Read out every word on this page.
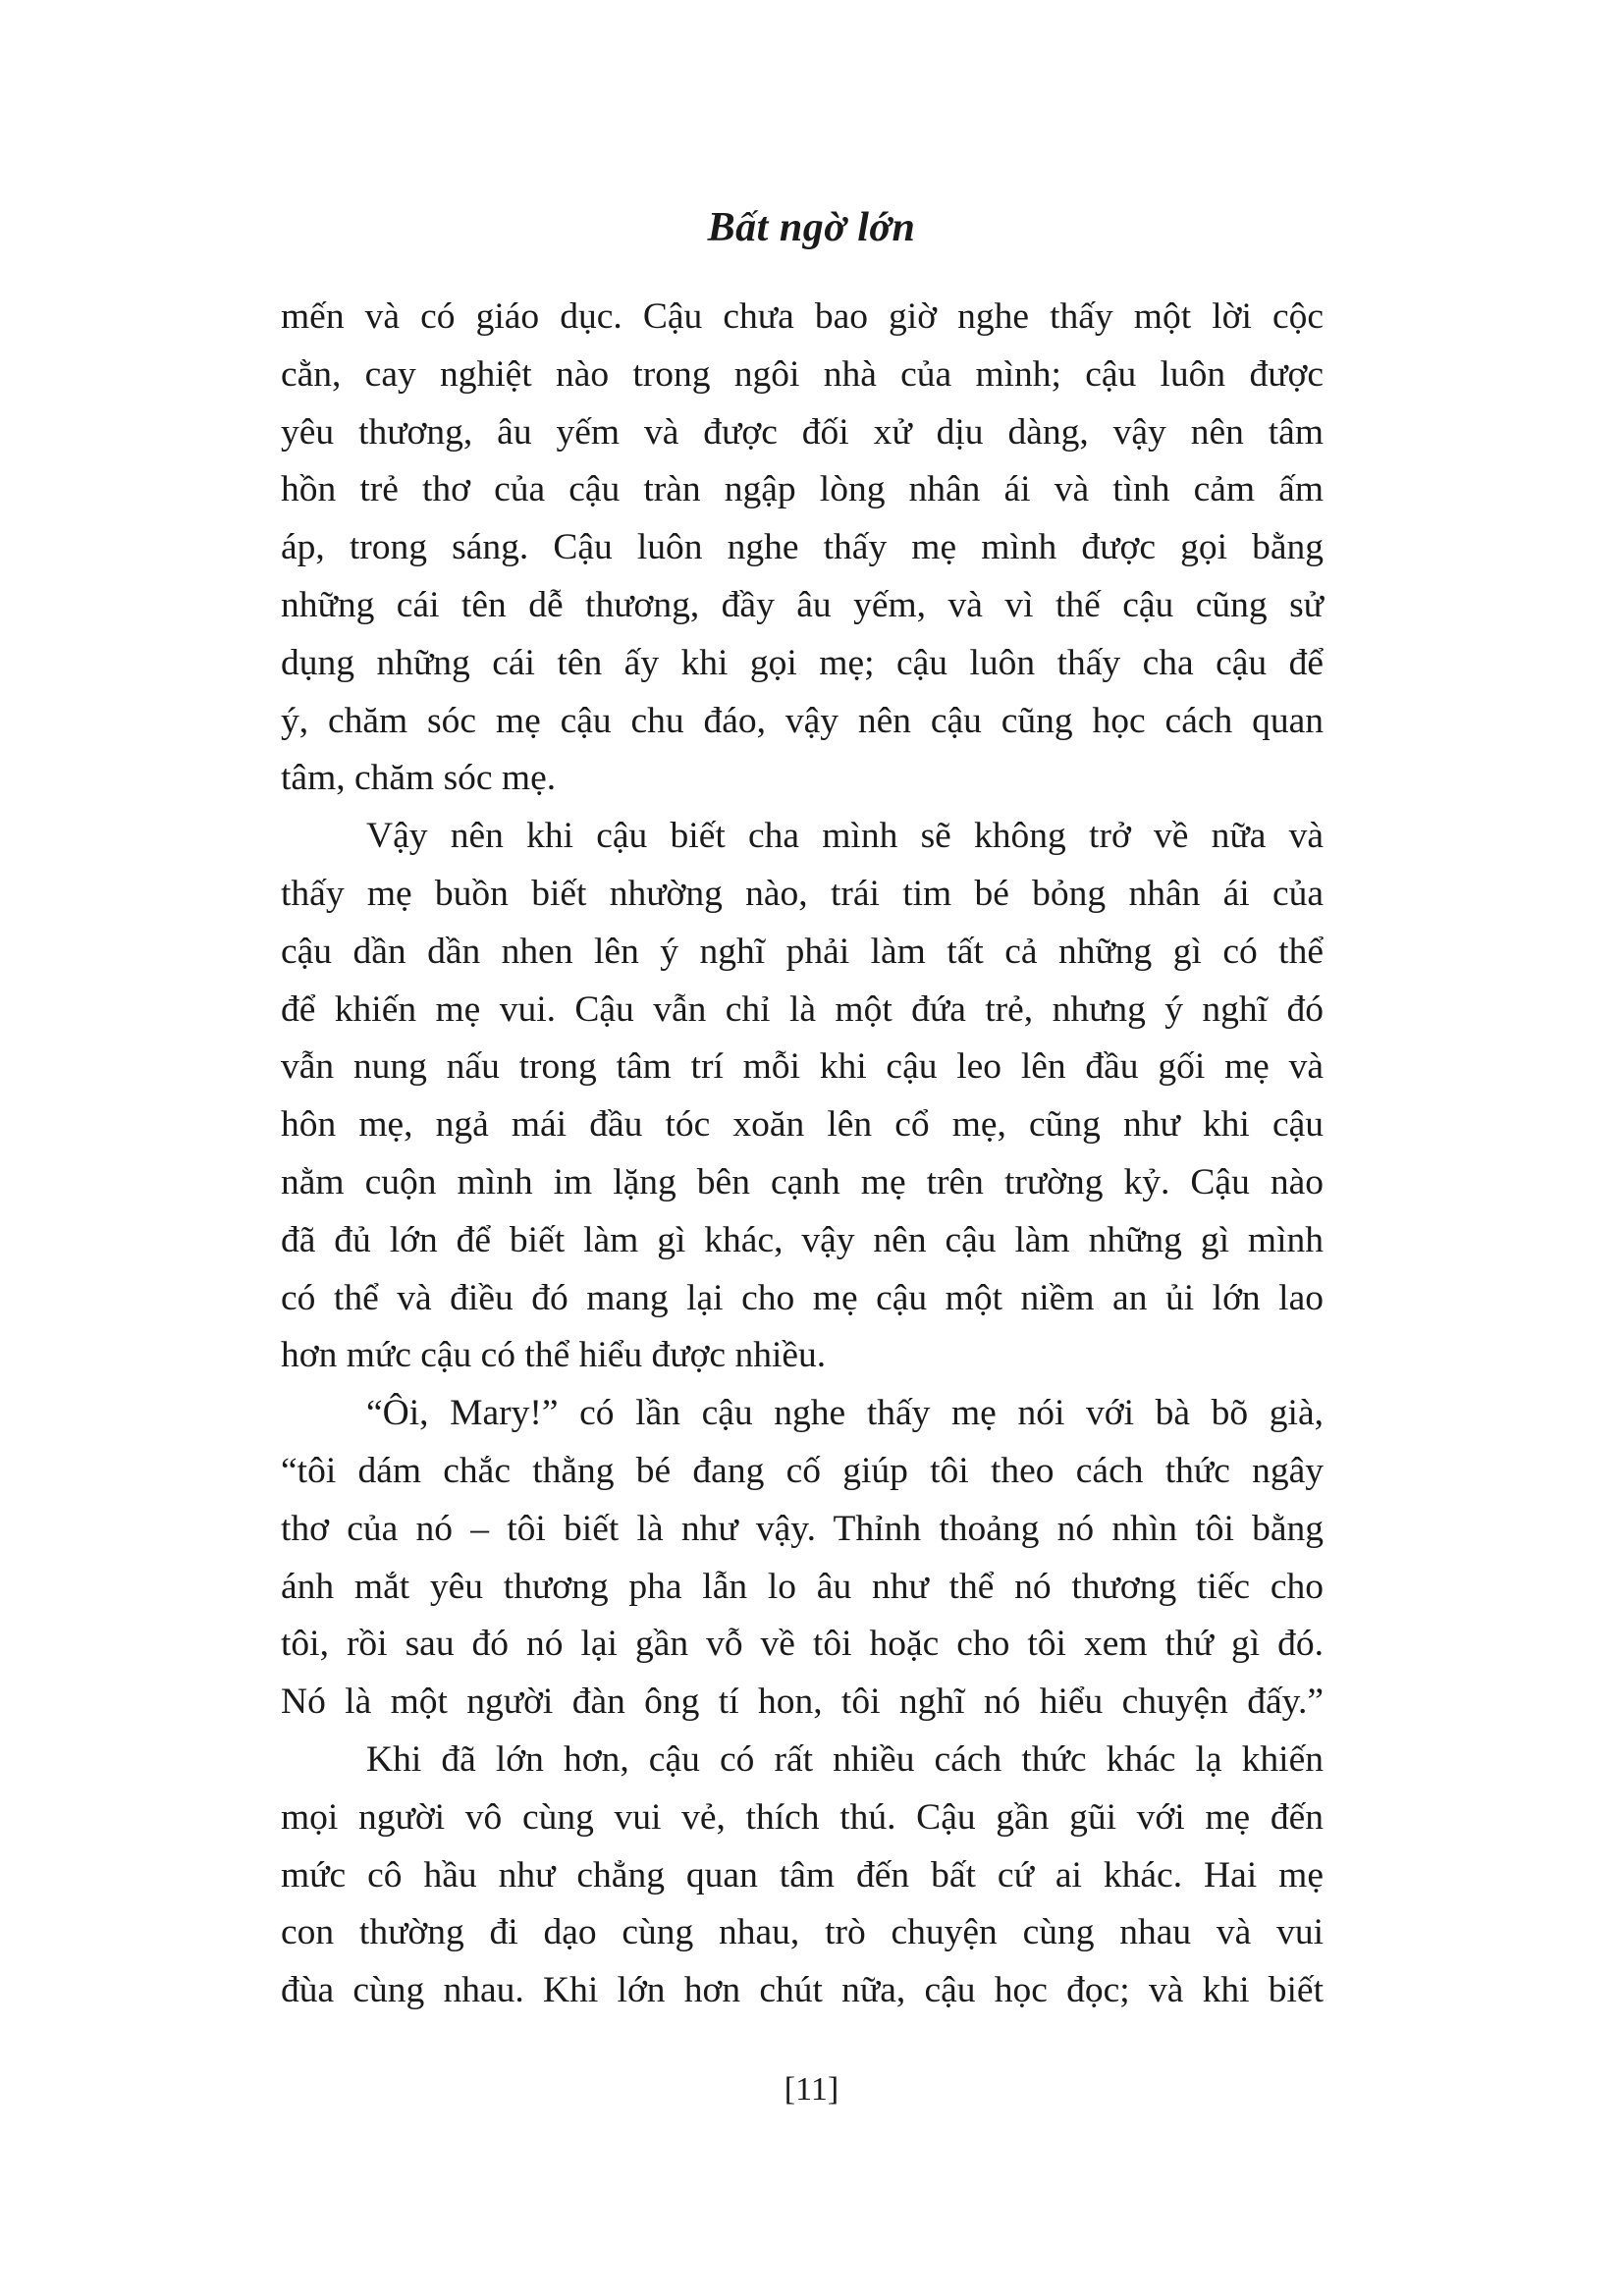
Bất ngờ lớn
mến và có giáo dục. Cậu chưa bao giờ nghe thấy một lời cộc
cằn, cay nghiệt nào trong ngôi nhà của mình; cậu luôn được
yêu thương, âu yếm và được đối xử dịu dàng, vậy nên tâm
hồn trẻ thơ của cậu tràn ngập lòng nhân ái và tình cảm ấm
áp, trong sáng. Cậu luôn nghe thấy mẹ mình được gọi bằng
những cái tên dễ thương, đầy âu yếm, và vì thế cậu cũng sử
dụng những cái tên ấy khi gọi mẹ; cậu luôn thấy cha cậu để
ý, chăm sóc mẹ cậu chu đáo, vậy nên cậu cũng học cách quan
tâm, chăm sóc mẹ.
Vậy nên khi cậu biết cha mình sẽ không trở về nữa và
thấy mẹ buồn biết nhường nào, trái tim bé bỏng nhân ái của
cậu dần dần nhen lên ý nghĩ phải làm tất cả những gì có thể
để khiến mẹ vui. Cậu vẫn chỉ là một đứa trẻ, nhưng ý nghĩ đó
vẫn nung nấu trong tâm trí mỗi khi cậu leo lên đầu gối mẹ và
hôn mẹ, ngả mái đầu tóc xoăn lên cổ mẹ, cũng như khi cậu
nằm cuộn mình im lặng bên cạnh mẹ trên trường kỷ. Cậu nào
đã đủ lớn để biết làm gì khác, vậy nên cậu làm những gì mình
có thể và điều đó mang lại cho mẹ cậu một niềm an ủi lớn lao
hơn mức cậu có thể hiểu được nhiều.
“Ôi, Mary!” có lần cậu nghe thấy mẹ nói với bà bõ già,
“tôi dám chắc thằng bé đang cố giúp tôi theo cách thức ngây
thơ của nó – tôi biết là như vậy. Thỉnh thoảng nó nhìn tôi bằng
ánh mắt yêu thương pha lẫn lo âu như thể nó thương tiếc cho
tôi, rồi sau đó nó lại gần vỗ về tôi hoặc cho tôi xem thứ gì đó.
Nó là một người đàn ông tí hon, tôi nghĩ nó hiểu chuyện đấy.”
Khi đã lớn hơn, cậu có rất nhiều cách thức khác lạ khiến
mọi người vô cùng vui vẻ, thích thú. Cậu gần gũi với mẹ đến
mức cô hầu như chẳng quan tâm đến bất cứ ai khác. Hai mẹ
con thường đi dạo cùng nhau, trò chuyện cùng nhau và vui
đùa cùng nhau. Khi lớn hơn chút nữa, cậu học đọc; và khi biết
[11]
